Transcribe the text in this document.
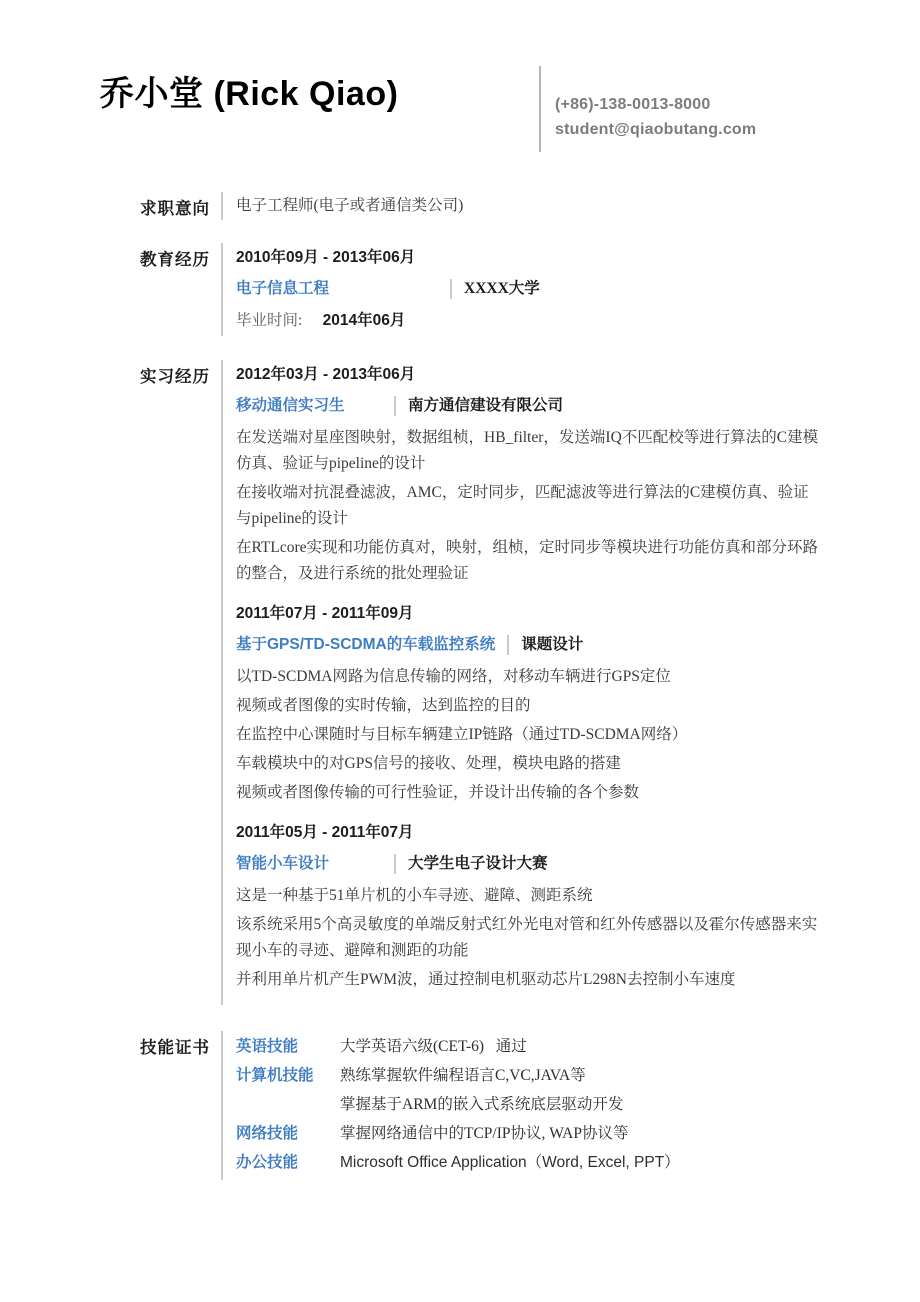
乔小堂 (Rick Qiao)	(+86)-138-0013-8000
student@qiaobutang.com
求职意向	电子工程师(电子或者通信类公司)
教育经历	2010年09月 - 2013年06月
电子信息工程	XXXX大学
毕业时间: 2014年06月
实习经历	2012年03月 - 2013年06月
移动通信实习生	南方通信建设有限公司

在发送端对星座图映射，数据组桢，HB_filter，发送端IQ不匹配校等进行算法的C建模仿真、验证与pipeline的设计

在接收端对抗混叠滤波，AMC，定时同步，匹配滤波等进行算法的C建模仿真、验证与pipeline的设计

在RTLcore实现和功能仿真对，映射，组桢，定时同步等模块进行功能仿真和部分环路的整合，及进行系统的批处理验证

2011年07月 - 2011年09月
基于GPS/TD-SCDMA的车载监控系统 课题设计

以TD-SCDMA网路为信息传输的网络，对移动车辆进行GPS定位

视频或者图像的实时传输，达到监控的目的

在监控中心课随时与目标车辆建立IP链路（通过TD-SCDMA网络）

车载模块中的对GPS信号的接收、处理，模块电路的搭建

视频或者图像传输的可行性验证，并设计出传输的各个参数

2011年05月 - 2011年07月
智能小车设计	大学生电子设计大赛

这是一种基于51单片机的小车寻迹、避障、测距系统

该系统采用5个高灵敏度的单端反射式红外光电对管和红外传感器以及霍尔传感器来实现小车的寻迹、避障和测距的功能

并利用单片机产生PWM波，通过控制电机驱动芯片L298N去控制小车速度

技能证书	英语技能	大学英语六级(CET-6)   通过
计算机技能	熟练掌握软件编程语言C,VC,JAVA等
掌握基于ARM的嵌入式系统底层驱动开发
网络技能	掌握网络通信中的TCP/IP协议, WAP协议等
办公技能	Microsoft Office Application（Word, Excel, PPT）
